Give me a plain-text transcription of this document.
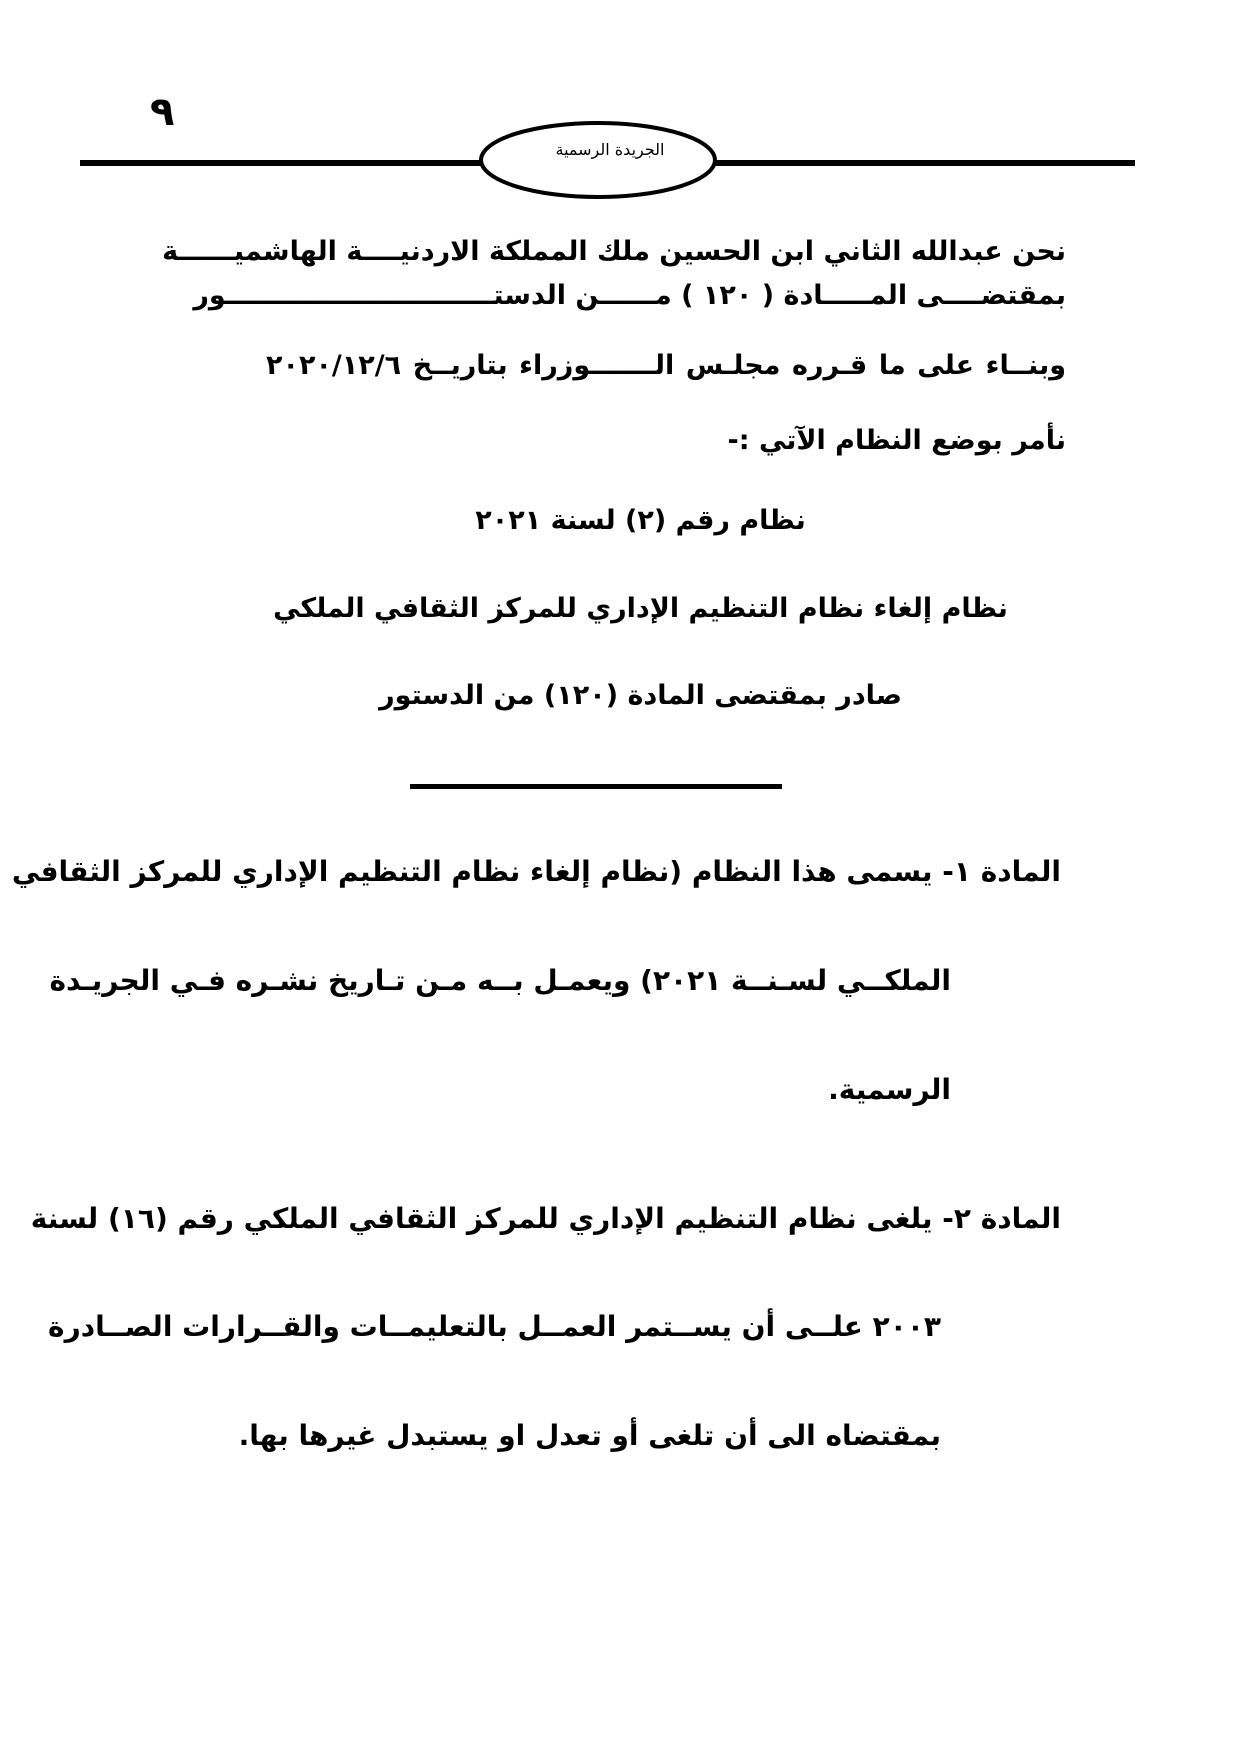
٩
الجريدة الرسمية
نحن عبدالله الثاني ابن الحسين ملك المملكة الاردنيــــة الهاشميــــــة
بمقتضــــى المـــــادة ( ١٢٠ ) مــــــن الدستـــــــــــــــــــــــــــــور
وبنــاء على ما قـرره مجلـس الـــــــوزراء بتاريــخ ٢٠٢٠/١٢/٦
نأمر بوضع النظام الآتي :-
نظام رقم (٢) لسنة ٢٠٢١
نظام إلغاء نظام التنظيم الإداري للمركز الثقافي الملكي
صادر بمقتضى المادة (١٢٠) من الدستور
المادة ١- يسمى هذا النظام (نظام إلغاء نظام التنظيم الإداري للمركز الثقافي
الملكــي لسـنــة ٢٠٢١) ويعمـل بــه مـن تـاريخ نشـره فـي الجريـدة
الرسمية.
المادة ٢- يلغى نظام التنظيم الإداري للمركز الثقافي الملكي رقم (١٦) لسنة
٢٠٠٣ علــى أن يســتمر العمــل بالتعليمــات والقــرارات الصــادرة
بمقتضاه الى أن تلغى أو تعدل او يستبدل غيرها بها.
